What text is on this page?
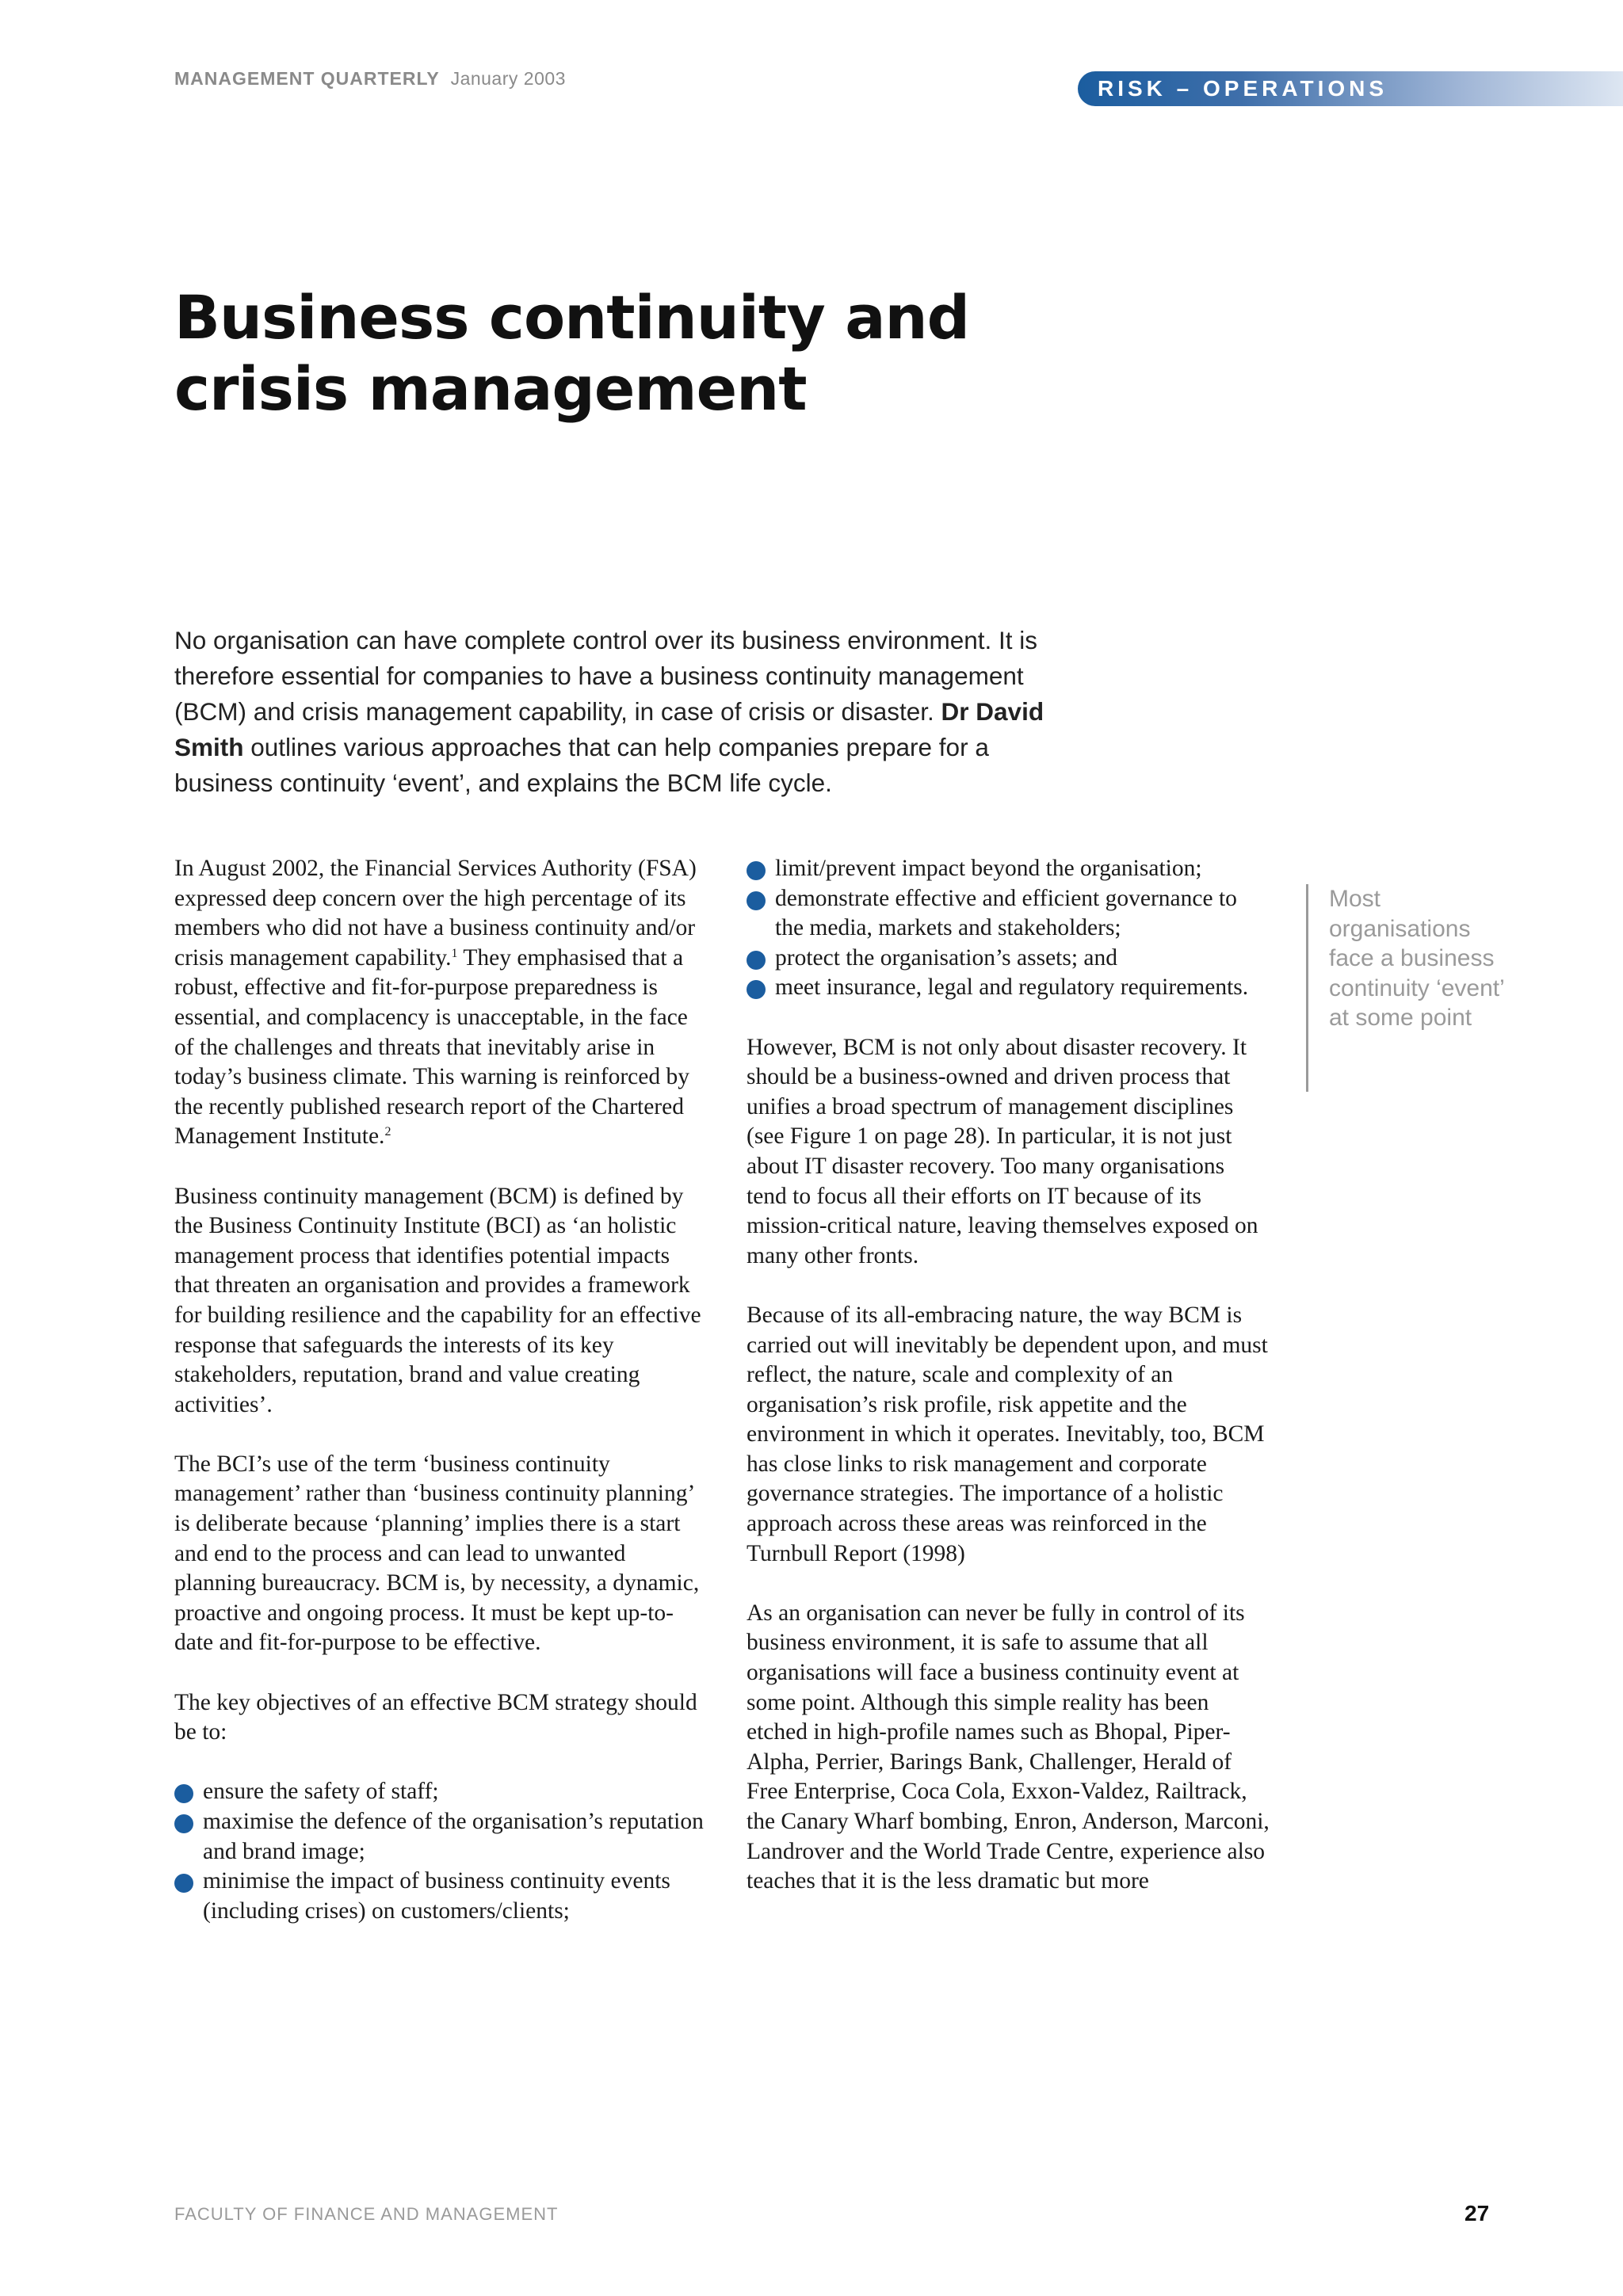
MANAGEMENT QUARTERLY January 2003	RISK – OPERATIONS
Business continuity and
crisis management

No organisation can have complete control over its business environment. It is therefore essential for companies to have a business continuity management (BCM) and crisis management capability, in case of crisis or disaster. Dr David Smith outlines various approaches that can help companies prepare for a business continuity ‘event’, and explains the BCM life cycle.

In August 2002, the Financial Services Authority (FSA) expressed deep concern over the high percentage of its members who did not have a business continuity and/or crisis management capability.$^1$ They emphasised that a robust, effective and fit-for-purpose preparedness is essential, and complacency is unacceptable, in the face of the challenges and threats that inevitably arise in today’s business climate. This warning is reinforced by the recently published research report of the Chartered Management Institute.$^2$

Business continuity management (BCM) is defined by the Business Continuity Institute (BCI) as ‘an holistic management process that identifies potential impacts that threaten an organisation and provides a framework for building resilience and the capability for an effective response that safeguards the interests of its key stakeholders, reputation, brand and value creating activities’.

The BCI’s use of the term ‘business continuity management’ rather than ‘business continuity planning’ is deliberate because ‘planning’ implies there is a start and end to the process and can lead to unwanted planning bureaucracy. BCM is, by necessity, a dynamic, proactive and ongoing process. It must be kept up-to-date and fit-for-purpose to be effective.

The key objectives of an effective BCM strategy should be to:

ensure the safety of staff;
maximise the defence of the organisation’s reputation and brand image;
minimise the impact of business continuity events (including crises) on customers/clients;
limit/prevent impact beyond the organisation;
demonstrate effective and efficient governance to the media, markets and stakeholders;
protect the organisation’s assets; and
meet insurance, legal and regulatory requirements.

However, BCM is not only about disaster recovery. It should be a business-owned and driven process that unifies a broad spectrum of management disciplines (see Figure 1 on page 28). In particular, it is not just about IT disaster recovery. Too many organisations tend to focus all their efforts on IT because of its mission-critical nature, leaving themselves exposed on many other fronts.

Because of its all-embracing nature, the way BCM is carried out will inevitably be dependent upon, and must reflect, the nature, scale and complexity of an organisation’s risk profile, risk appetite and the environment in which it operates. Inevitably, too, BCM has close links to risk management and corporate governance strategies. The importance of a holistic approach across these areas was reinforced in the Turnbull Report (1998)

As an organisation can never be fully in control of its business environment, it is safe to assume that all organisations will face a business continuity event at some point. Although this simple reality has been etched in high-profile names such as Bhopal, Piper-Alpha, Perrier, Barings Bank, Challenger, Herald of Free Enterprise, Coca Cola, Exxon-Valdez, Railtrack, the Canary Wharf bombing, Enron, Anderson, Marconi, Landrover and the World Trade Centre, experience also teaches that it is the less dramatic but more

Most organisations face a business continuity ‘event’ at some point
FACULTY OF FINANCE AND MANAGEMENT	27
